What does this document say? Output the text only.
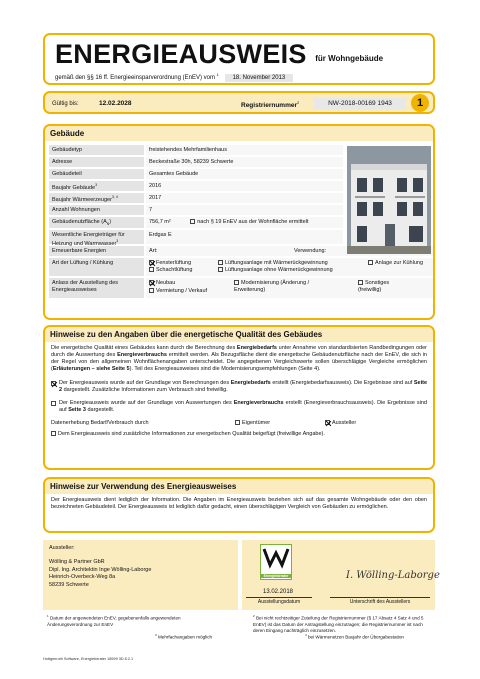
ENERGIEAUSWEIS für Wohngebäude
gemäß den §§ 16 ff. Energieeinsparverordnung (EnEV) vom $^1$ 18. November 2013
Gültig bis:	12.02.2028	Registriernummer$^2$	NW-2018-00169 1943	1
Gebäude
Gebäudetyp	freistehendes Mehrfamilienhaus
Adresse	Beckestraße 30h, 58239 Schwerte
Gebäudeteil	Gesamtes Gebäude
Baujahr Gebäude$^3$	2016
Baujahr Wärmeerzeuger$^{3, 4}$	2017
Anzahl Wohnungen	7
Gebäudenutzfläche $(A_N)$	756,7 m²	nach § 19 EnEV aus der Wohnfläche ermittelt
Wesentliche Energieträger für Heizung und Warmwasser$^3$
Erdgas E
Erneuerbare Energien	Art:	Verwendung:
Art der Lüftung / Kühlung	Fensterlüftung	Lüftungsanlage mit Wärmerückgewinnung	Anlage zur Kühlung
Schachtlüftung	Lüftungsanlage ohne Wärmerückgewinnung
Anlass der Ausstellung des Energieausweises
Neubau	Modernisierung (Änderung / Erweiterung)
Sonstiges (freiwillig)
Vermietung / Verkauf
Hinweise zu den Angaben über die energetische Qualität des Gebäudes
Die energetische Qualität eines Gebäudes kann durch die Berechnung des Energiebedarfs unter Annahme von standardisierten Randbedingungen oder durch die Auswertung des Energieverbrauchs ermittelt werden. Als Bezugsfläche dient die energetische Gebäudenutzfläche nach der EnEV, die sich in der Regel von den allgemeinen Wohnflächenangaben unterscheidet. Die angegebenen Vergleichswerte sollen überschlägige Vergleiche ermöglichen (Erläuterungen – siehe Seite 5). Teil des Energieausweises sind die Modernisierungsempfehlungen (Seite 4).
Der Energieausweis wurde auf der Grundlage von Berechnungen des Energiebedarfs erstellt (Energiebedarfsausweis). Die Ergebnisse sind auf Seite 2 dargestellt. Zusätzliche Informationen zum Verbrauch sind freiwillig.
Der Energieausweis wurde auf der Grundlage von Auswertungen des Energieverbrauchs erstellt (Energieverbrauchsausweis). Die Ergebnisse sind auf Seite 3 dargestellt.
Datenerhebung Bedarf/Verbrauch durch	Eigentümer	Aussteller
Dem Energieausweis sind zusätzliche Informationen zur energetischen Qualität beigefügt (freiwillige Angabe).
Hinweise zur Verwendung des Energieausweises
Der Energieausweis dient lediglich der Information. Die Angaben im Energieausweis beziehen sich auf das gesamte Wohngebäude oder den oben bezeichneten Gebäudeteil. Der Energieausweis ist lediglich dafür gedacht, einen überschlägigen Vergleich von Gebäuden zu ermöglichen.
Aussteller:
Wölling & Partner GbR
Dipl. Ing. Architektin Inge Wölling-Laborge
Heinrich-Overbeck-Weg 8a
58239 Schwerte
Energieberater	I. Wölling-Laborge
13.02.2018
Ausstellungsdatum	Unterschrift des Ausstellers
$^1$ Datum der angewendeten EnEV, gegebenenfalls angewendeten Änderungsverordnung zur EnEV
$^2$ Bei nicht rechtzeitiger Zuteilung der Registriernummer (§ 17 Absatz 4 Satz 4 und 5 EnEV) ist das Datum der Antragstellung einzutragen; die Registriernummer ist nach deren Eingang nachträglich einzusetzen.
$^3$ Mehrfachangaben möglich	$^4$ bei Wärmenetzen Baujahr der Übergabestation
Hottgenroth Software, Energieberater 18599 3D 8.2.1
